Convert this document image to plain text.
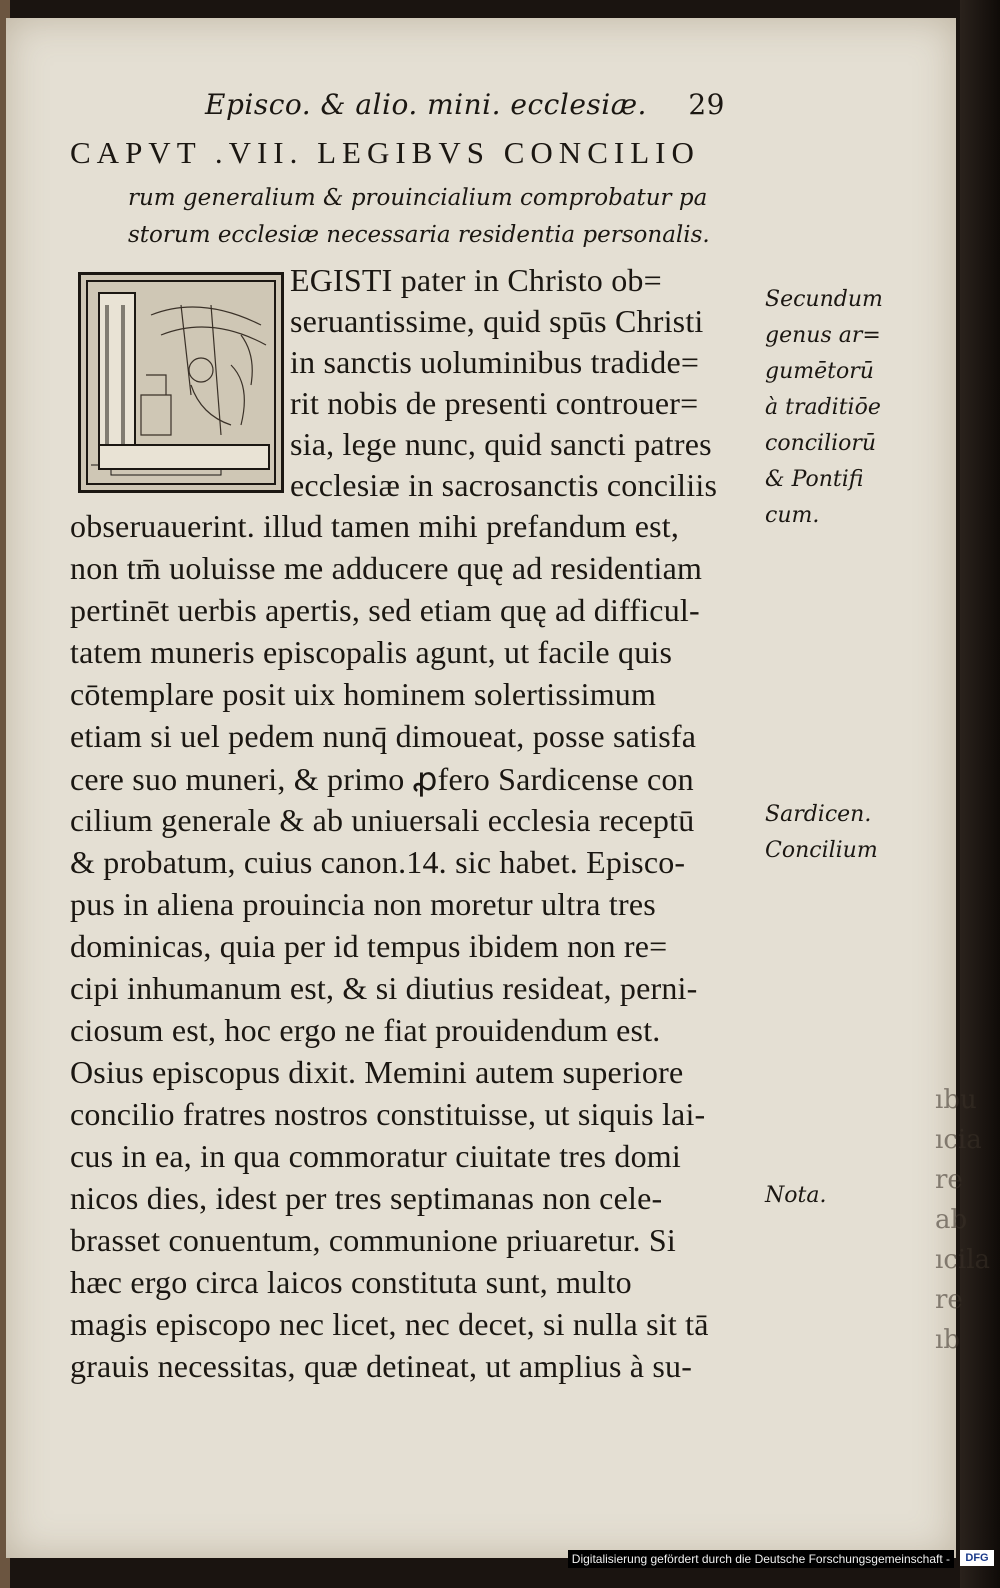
Episco. & alio. mini. ecclesiæ. 29
CAPVT .VII. LEGIBVS CONCILIO
rum generalium & prouincialium comprobatur pa
storum ecclesiæ necessaria residentia personalis.
EGISTI pater in Christo ob=
seruantissime, quid spūs Christi
in sanctis uoluminibus tradide=
rit nobis de presenti controuer=
sia, lege nunc, quid sancti patres
ecclesiæ in sacrosanctis conciliis
obseruauerint. illud tamen mihi prefandum est,
non tm̄ uoluisse me adducere quę ad residentiam
pertinēt uerbis apertis, sed etiam quę ad difficul-
tatem muneris episcopalis agunt, ut facile quis
cōtemplare posit uix hominem solertissimum
etiam si uel pedem nunq̄ dimoueat, posse satisfa
cere suo muneri, & primo ꝓfero Sardicense con
cilium generale & ab uniuersali ecclesia receptū
& probatum, cuius canon.14. sic habet. Episco-
pus in aliena prouincia non moretur ultra tres
dominicas, quia per id tempus ibidem non re=
cipi inhumanum est, & si diutius resideat, perni-
ciosum est, hoc ergo ne fiat prouidendum est.
Osius episcopus dixit. Memini autem superiore
concilio fratres nostros constituisse, ut siquis lai-
cus in ea, in qua commoratur ciuitate tres domi
nicos dies, idest per tres septimanas non cele-
brasset conuentum, communione priuaretur. Si
hæc ergo circa laicos constituta sunt, multo
magis episcopo nec licet, nec decet, si nulla sit tā
grauis necessitas, quæ detineat, ut amplius à su-
Secundum
genus ar=
gumētorū
à traditiōe
conciliorū
& Pontifi
cum.
Sardicen.
Concilium
Nota.
ıbu
ıcia
re
ab
ıcila
re
ıb
Digitalisierung gefördert durch die Deutsche Forschungsgemeinschaft -	DFG
